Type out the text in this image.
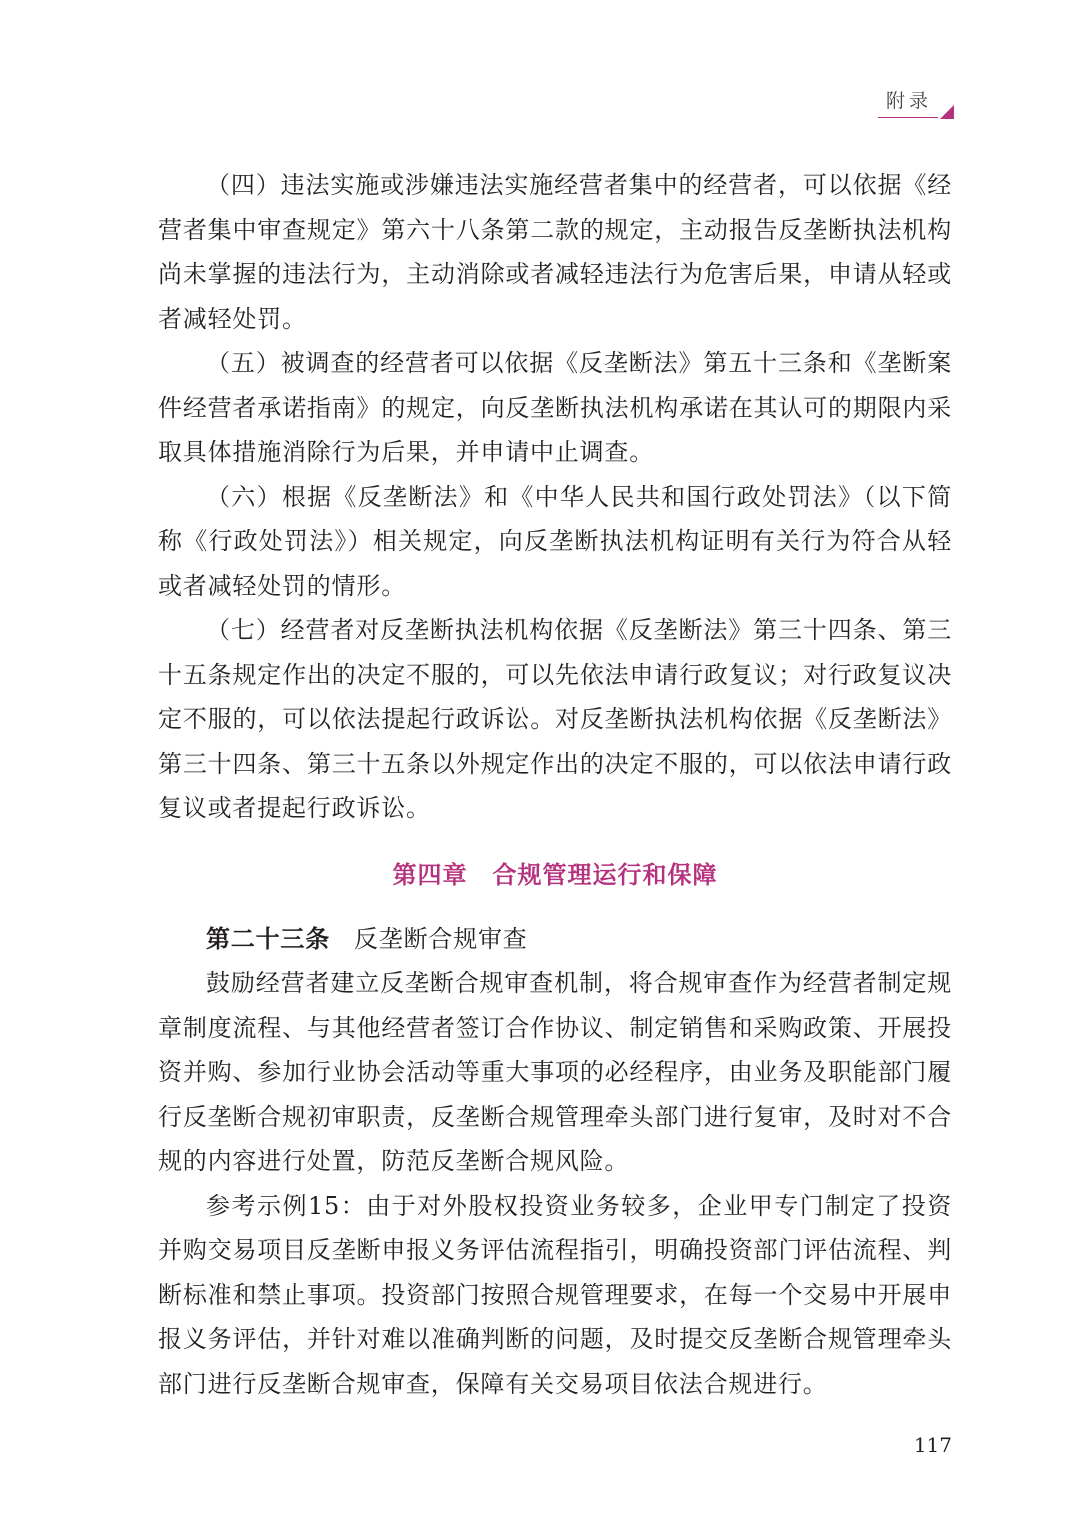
附录

（四）违法实施或涉嫌违法实施经营者集中的经营者，可以依据《经营者集中审查规定》第六十八条第二款的规定，主动报告反垄断执法机构尚未掌握的违法行为，主动消除或者减轻违法行为危害后果，申请从轻或者减轻处罚。

（五）被调查的经营者可以依据《反垄断法》第五十三条和《垄断案件经营者承诺指南》的规定，向反垄断执法机构承诺在其认可的期限内采取具体措施消除行为后果，并申请中止调查。

（六）根据《反垄断法》和《中华人民共和国行政处罚法》（以下简称《行政处罚法》）相关规定，向反垄断执法机构证明有关行为符合从轻或者减轻处罚的情形。

（七）经营者对反垄断执法机构依据《反垄断法》第三十四条、第三十五条规定作出的决定不服的，可以先依法申请行政复议；对行政复议决定不服的，可以依法提起行政诉讼。对反垄断执法机构依据《反垄断法》第三十四条、第三十五条以外规定作出的决定不服的，可以依法申请行政复议或者提起行政诉讼。

第四章　合规管理运行和保障

第二十三条 反垄断合规审查

鼓励经营者建立反垄断合规审查机制，将合规审查作为经营者制定规章制度流程、与其他经营者签订合作协议、制定销售和采购政策、开展投资并购、参加行业协会活动等重大事项的必经程序，由业务及职能部门履行反垄断合规初审职责，反垄断合规管理牵头部门进行复审，及时对不合规的内容进行处置，防范反垄断合规风险。

参考示例15：由于对外股权投资业务较多，企业甲专门制定了投资并购交易项目反垄断申报义务评估流程指引，明确投资部门评估流程、判断标准和禁止事项。投资部门按照合规管理要求，在每一个交易中开展申报义务评估，并针对难以准确判断的问题，及时提交反垄断合规管理牵头部门进行反垄断合规审查，保障有关交易项目依法合规进行。

117
